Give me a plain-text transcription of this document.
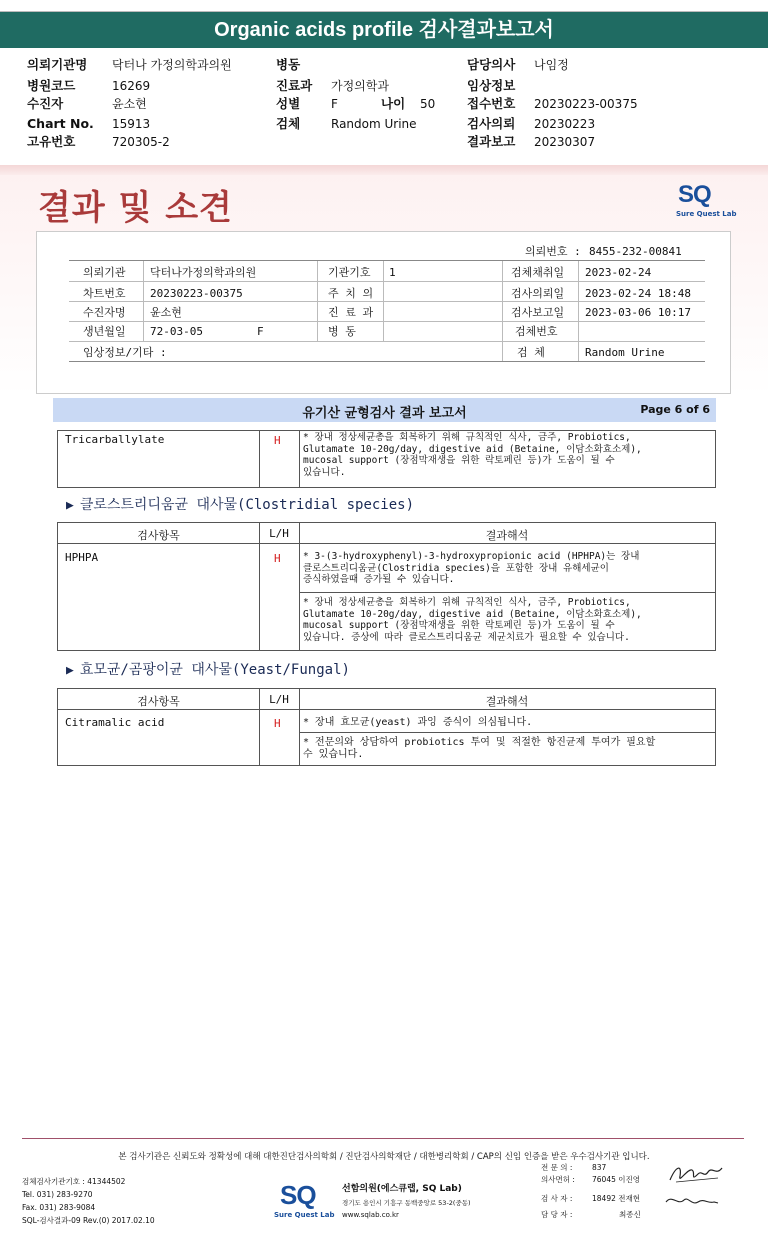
Organic acids profile 검사결과보고서
의뢰기관명 닥터나 가정의학과의원
병원코드	16269
수진자	윤소현
Chart No. 15913
고유번호	720305-2
병동
진료과 가정의학과
성별	F	나이 50
검체	Random Urine
담당의사 나임정
임상정보
접수번호 20230223-00375
검사의뢰 20230223
결과보고 20230307
결과 및 소견	SQ
Sure Quest Lab
의뢰번호 : 8455-232-00841
의뢰기관 닥터나가정의학과의원	기관기호 1	검체채취일 2023-02-24
차트번호 20230223-00375	주 치 의	검사의뢰일 2023-02-24 18:48
수진자명 윤소현	진 료 과	검사보고일 2023-03-06 10:17
생년월일 72-03-05	F	병 동	검체번호
임상정보/기타 :	검 체	Random Urine
유기산 균형검사 결과 보고서	Page 6 of 6
Tricarballylate	H * 장내 정상세균총을 회복하기 위해 규칙적인 식사, 금주, Probiotics,
Glutamate 10-20g/day, digestive aid (Betaine, 이담소화효소제),
mucosal support (장점막재생을 위한 락토페린 등)가 도움이 될 수
있습니다.
▶ 클로스트리디움균 대사물(Clostridial species)
검사항목	L/H	결과해석
HPHPA	H * 3-(3-hydroxyphenyl)-3-hydroxypropionic acid (HPHPA)는 장내
클로스트리디움균(Clostridia species)을 포함한 장내 유해세균이
증식하였을때 증가될 수 있습니다.
* 장내 정상세균총을 회복하기 위해 규칙적인 식사, 금주, Probiotics,
Glutamate 10-20g/day, digestive aid (Betaine, 이담소화효소제),
mucosal support (장점막재생을 위한 락토페린 등)가 도움이 될 수
있습니다. 증상에 따라 클로스트리디움균 제균치료가 필요할 수 있습니다.
▶ 효모균/곰팡이균 대사물(Yeast/Fungal)
검사항목	L/H	결과해석
Citramalic acid	H * 장내 효모균(yeast) 과잉 증식이 의심됩니다.
* 전문의와 상담하여 probiotics 투여 및 적절한 항진균제 투여가 필요할
수 있습니다.
본 검사기관은 신뢰도와 정확성에 대해 대한진단검사의학회 / 진단검사의학재단 / 대한병리학회 / CAP의 신임 인증을 받은 우수검사기관 입니다.
검체검사기관기호 : 41344502
Tel. 031) 283-9270
Fax. 031) 283-9084
SQL-검사결과-09 Rev.(0) 2017.02.10
SQ
Sure Quest Lab
선함의원(에스큐랩, SQ Lab)
경기도 용인시 기흥구 동백중앙로 53-2(중동)
www.sqlab.co.kr
전 문 의 :	837
의사면허 : 76045 이진영
검 사 자 :	18492 전재현
담 당 자 :	최종신
